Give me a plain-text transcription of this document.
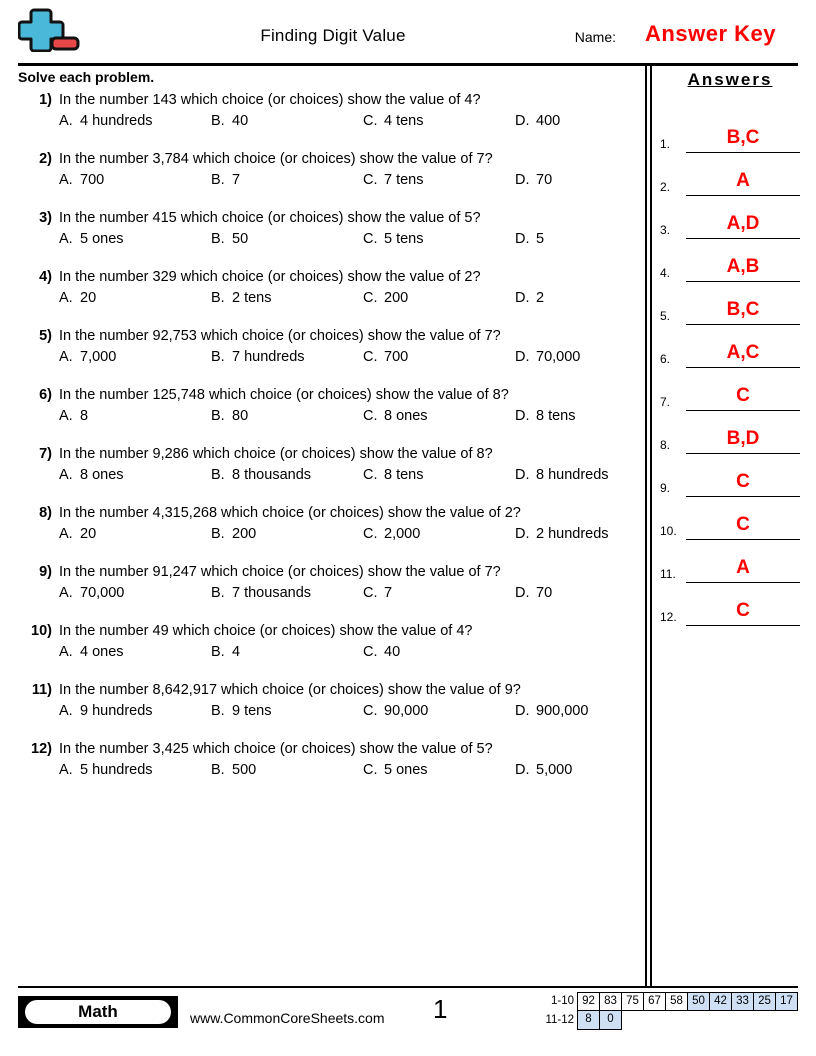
Finding Digit Value	Name: Answer Key
Solve each problem.
1) In the number 143 which choice (or choices) show the value of 4?
A. 4 hundreds	B. 40	C. 4 tens	D. 400
2) In the number 3,784 which choice (or choices) show the value of 7?
A. 700	B. 7	C. 7 tens	D. 70
3) In the number 415 which choice (or choices) show the value of 5?
A. 5 ones	B. 50	C. 5 tens	D. 5
4) In the number 329 which choice (or choices) show the value of 2?
A. 20	B. 2 tens	C. 200	D. 2
5) In the number 92,753 which choice (or choices) show the value of 7?
A. 7,000	B. 7 hundreds	C. 700	D. 70,000
6) In the number 125,748 which choice (or choices) show the value of 8?
A. 8	B. 80	C. 8 ones	D. 8 tens
7) In the number 9,286 which choice (or choices) show the value of 8?
A. 8 ones	B. 8 thousands	C. 8 tens	D. 8 hundreds
8) In the number 4,315,268 which choice (or choices) show the value of 2?
A. 20	B. 200	C. 2,000	D. 2 hundreds
9) In the number 91,247 which choice (or choices) show the value of 7?
A. 70,000	B. 7 thousands	C. 7	D. 70
10) In the number 49 which choice (or choices) show the value of 4?
A. 4 ones	B. 4	C. 40
11) In the number 8,642,917 which choice (or choices) show the value of 9?
A. 9 hundreds	B. 9 tens	C. 90,000	D. 900,000
12) In the number 3,425 which choice (or choices) show the value of 5?
A. 5 hundreds	B. 500	C. 5 ones	D. 5,000
Answers
1.	B,C
2.	A
3.	A,D
4.	A,B
5.	B,C
6.	A,C
7.	C
8.	B,D
9.	C
10.	C
11.	A
12.	C
Math	www.CommonCoreSheets.com 1	1-10 92 83 75 67 58 50 42 33 25 17
11-12 8	0
